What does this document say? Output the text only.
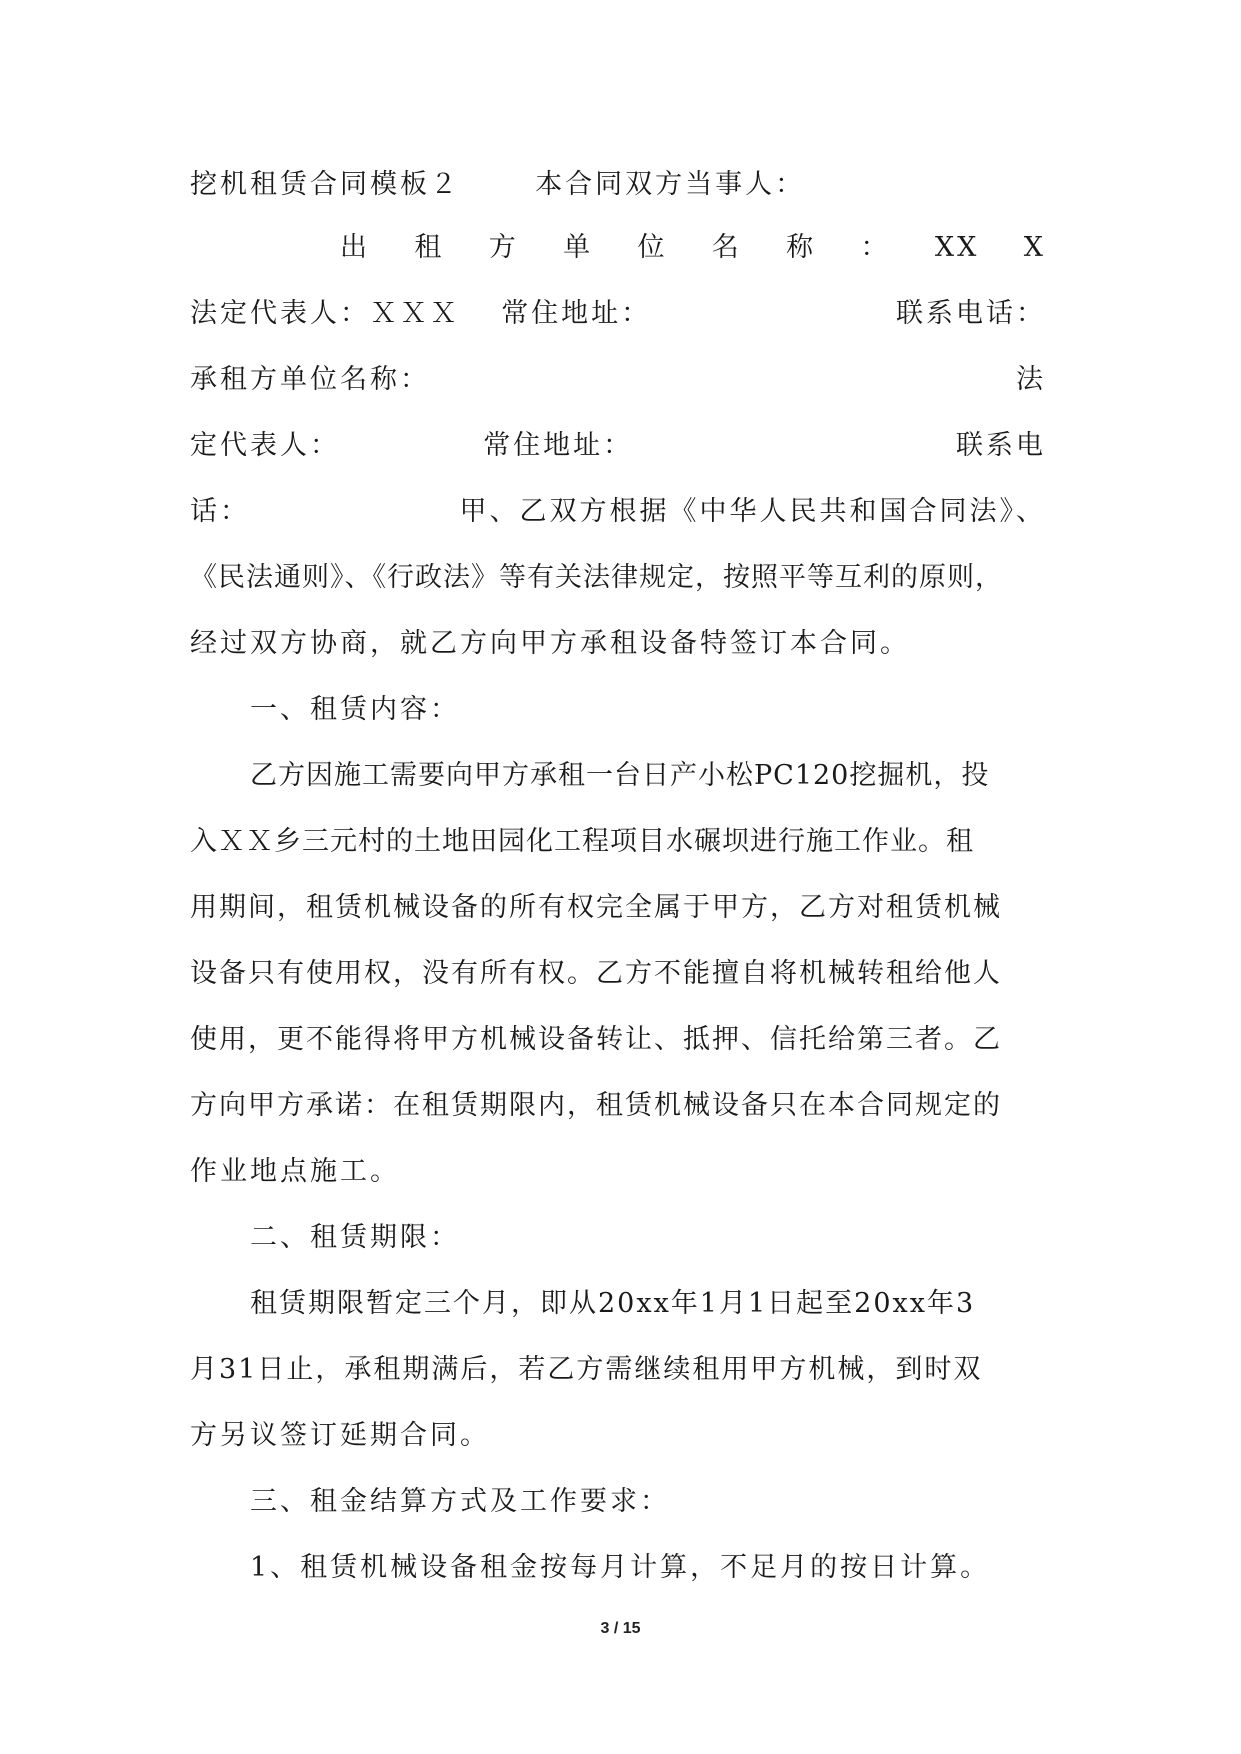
挖机租赁合同模板２	本合同双方当事人：
出 租 方 单 位 名 称 ： XX X
法定代表人：ＸＸＸ 常住地址：	联系电话：
承租方单位名称：	法
定代表人：	常住地址：	联系电
话：	甲、乙双方根据《中华人民共和国合同法》、
《民法通则》、《行政法》等有关法律规定，按照平等互利的原则，
经过双方协商，就乙方向甲方承租设备特签订本合同。
一、租赁内容：
乙方因施工需要向甲方承租一台日产小松PC120挖掘机，投
入ＸＸ乡三元村的土地田园化工程项目水碾坝进行施工作业。租
用期间，租赁机械设备的所有权完全属于甲方，乙方对租赁机械
设备只有使用权，没有所有权。乙方不能擅自将机械转租给他人
使用，更不能得将甲方机械设备转让、抵押、信托给第三者。乙
方向甲方承诺：在租赁期限内，租赁机械设备只在本合同规定的
作业地点施工。
二、租赁期限：
租赁期限暂定三个月，即从20xx年1月1日起至20xx年3
月31日止，承租期满后，若乙方需继续租用甲方机械，到时双
方另议签订延期合同。
三、租金结算方式及工作要求：
1、租赁机械设备租金按每月计算，不足月的按日计算。
3 / 15
